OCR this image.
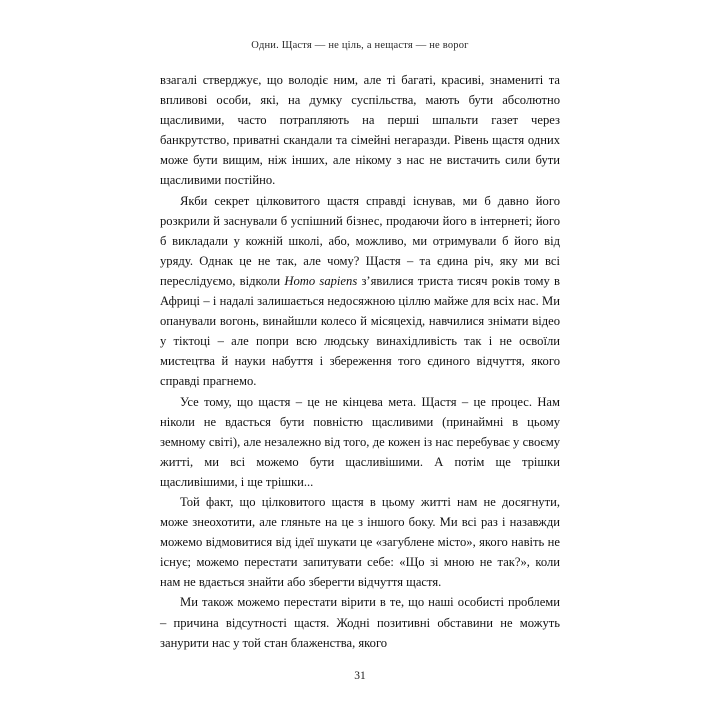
Одни. Щастя — не ціль, а нещастя — не ворог

взагалі стверджує, що володіє ним, але ті багаті, красиві, знамениті та впливові особи, які, на думку суспільства, мають бути абсолютно щасливими, часто потрапляють на перші шпальти газет через банкрутство, приватні скандали та сімейні негаразди. Рівень щастя одних може бути вищим, ніж інших, але нікому з нас не вистачить сили бути щасливими постійно.

Якби секрет цілковитого щастя справді існував, ми б давно його розкрили й заснували б успішний бізнес, продаючи його в інтернеті; його б викладали у кожній школі, або, можливо, ми отримували б його від уряду. Однак це не так, але чому? Щастя – та єдина річ, яку ми всі переслідуємо, відколи Homo sapiens з’явилися триста тисяч років тому в Африці – і надалі залишається недосяжною ціллю майже для всіх нас. Ми опанували вогонь, винайшли колесо й місяцехід, навчилися знімати відео у тіктоці – але попри всю людську винахідливість так і не освоїли мистецтва й науки набуття і збереження того єдиного відчуття, якого справді прагнемо.

Усе тому, що щастя – це не кінцева мета. Щастя – це процес. Нам ніколи не вдасться бути повністю щасливими (принаймні в цьому земному світі), але незалежно від того, де кожен із нас перебуває у своєму житті, ми всі можемо бути щасливішими. А потім ще трішки щасливішими, і ще трішки...

Той факт, що цілковитого щастя в цьому житті нам не досягнути, може знеохотити, але гляньте на це з іншого боку. Ми всі раз і назавжди можемо відмовитися від ідеї шукати це «загублене місто», якого навіть не існує; можемо перестати запитувати себе: «Що зі мною не так?», коли нам не вдається знайти або зберегти відчуття щастя.

Ми також можемо перестати вірити в те, що наші особисті проблеми – причина відсутності щастя. Жодні позитивні обставини не можуть занурити нас у той стан блаженства, якого

31
